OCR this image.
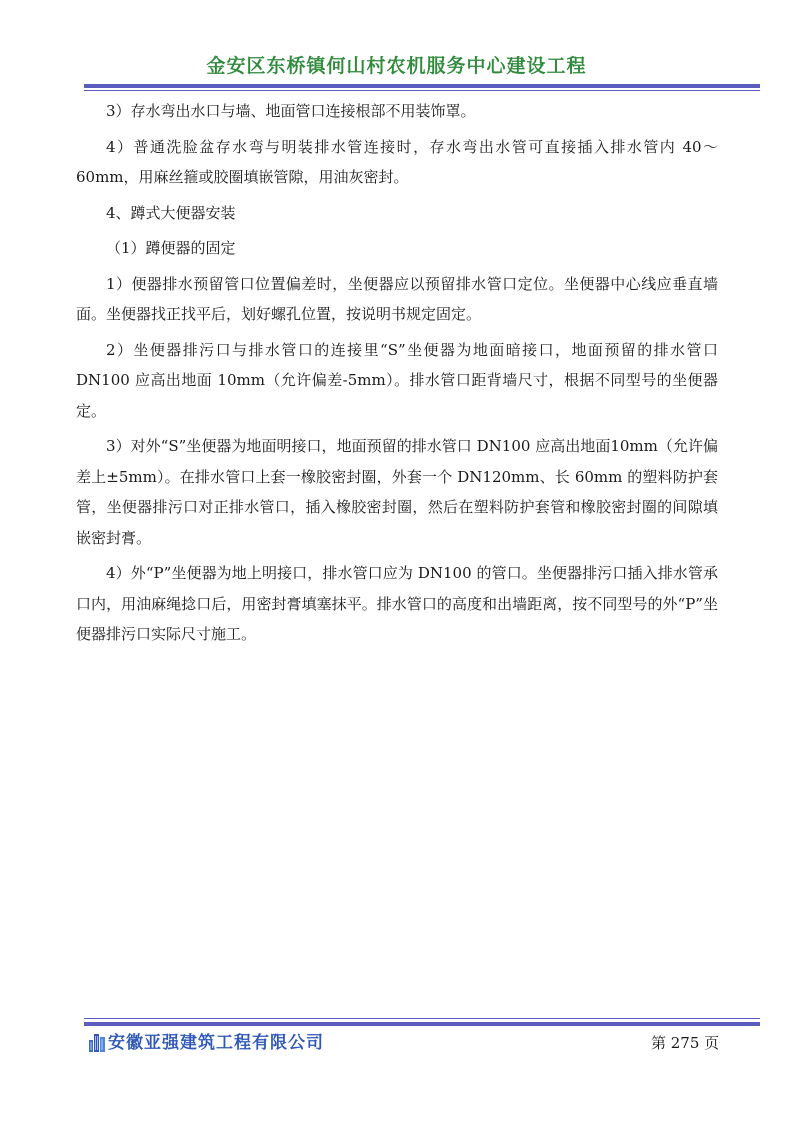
金安区东桥镇何山村农机服务中心建设工程

3）存水弯出水口与墙、地面管口连接根部不用装饰罩。

4）普通洗脸盆存水弯与明装排水管连接时，存水弯出水管可直接插入排水管内 40～60mm，用麻丝箍或胶圈填嵌管隙，用油灰密封。

4、蹲式大便器安装

（1）蹲便器的固定

1）便器排水预留管口位置偏差时，坐便器应以预留排水管口定位。坐便器中心线应垂直墙面。坐便器找正找平后，划好螺孔位置，按说明书规定固定。

2）坐便器排污口与排水管口的连接里“S”坐便器为地面暗接口，地面预留的排水管口 DN100 应高出地面 10mm（允许偏差-5mm）。排水管口距背墙尺寸，根据不同型号的坐便器定。

3）对外“S”坐便器为地面明接口，地面预留的排水管口 DN100 应高出地面10mm（允许偏差上±5mm）。在排水管口上套一橡胶密封圈，外套一个 DN120mm、长 60mm 的塑料防护套管，坐便器排污口对正排水管口，插入橡胶密封圈，然后在塑料防护套管和橡胶密封圈的间隙填嵌密封膏。

4）外“P”坐便器为地上明接口，排水管口应为 DN100 的管口。坐便器排污口插入排水管承口内，用油麻绳捻口后，用密封膏填塞抹平。排水管口的高度和出墙距离，按不同型号的外“P”坐便器排污口实际尺寸施工。

安徽亚强建筑工程有限公司	第 275 页
